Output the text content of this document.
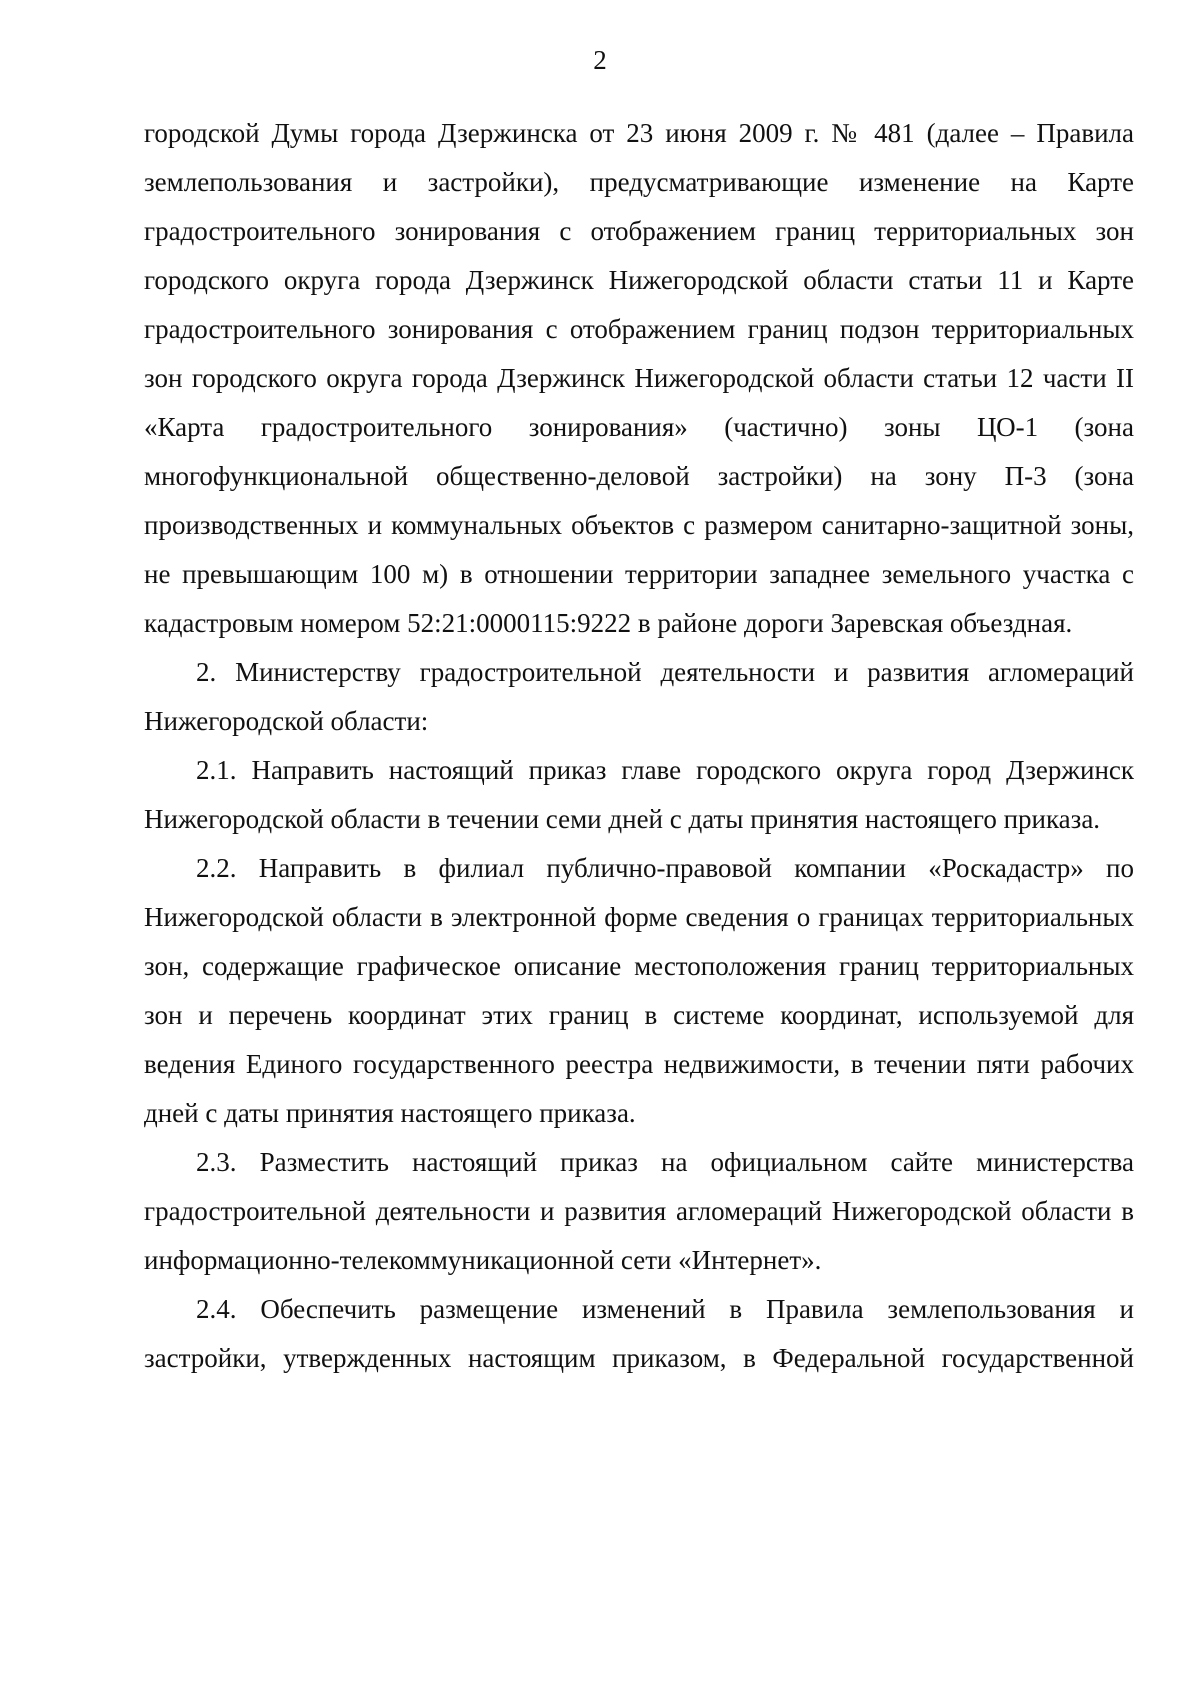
2

городской Думы города Дзержинска от 23 июня 2009 г. № 481 (далее – Правила землепользования и застройки), предусматривающие изменение на Карте градостроительного зонирования с отображением границ территориальных зон городского округа города Дзержинск Нижегородской области статьи 11 и Карте градостроительного зонирования с отображением границ подзон территориальных зон городского округа города Дзержинск Нижегородской области статьи 12 части II «Карта градостроительного зонирования» (частично) зоны ЦО-1 (зона многофункциональной общественно-деловой застройки) на зону П-3 (зона производственных и коммунальных объектов с размером санитарно-защитной зоны, не превышающим 100 м) в отношении территории западнее земельного участка с кадастровым номером 52:21:0000115:9222 в районе дороги Заревская объездная.

2. Министерству градостроительной деятельности и развития агломераций Нижегородской области:

2.1. Направить настоящий приказ главе городского округа город Дзержинск Нижегородской области в течении семи дней с даты принятия настоящего приказа.

2.2. Направить в филиал публично-правовой компании «Роскадастр» по Нижегородской области в электронной форме сведения о границах территориальных зон, содержащие графическое описание местоположения границ территориальных зон и перечень координат этих границ в системе координат, используемой для ведения Единого государственного реестра недвижимости, в течении пяти рабочих дней с даты принятия настоящего приказа.

2.3. Разместить настоящий приказ на официальном сайте министерства градостроительной деятельности и развития агломераций Нижегородской области в информационно-телекоммуникационной сети «Интернет».

2.4. Обеспечить размещение изменений в Правила землепользования и застройки, утвержденных настоящим приказом, в Федеральной государственной
